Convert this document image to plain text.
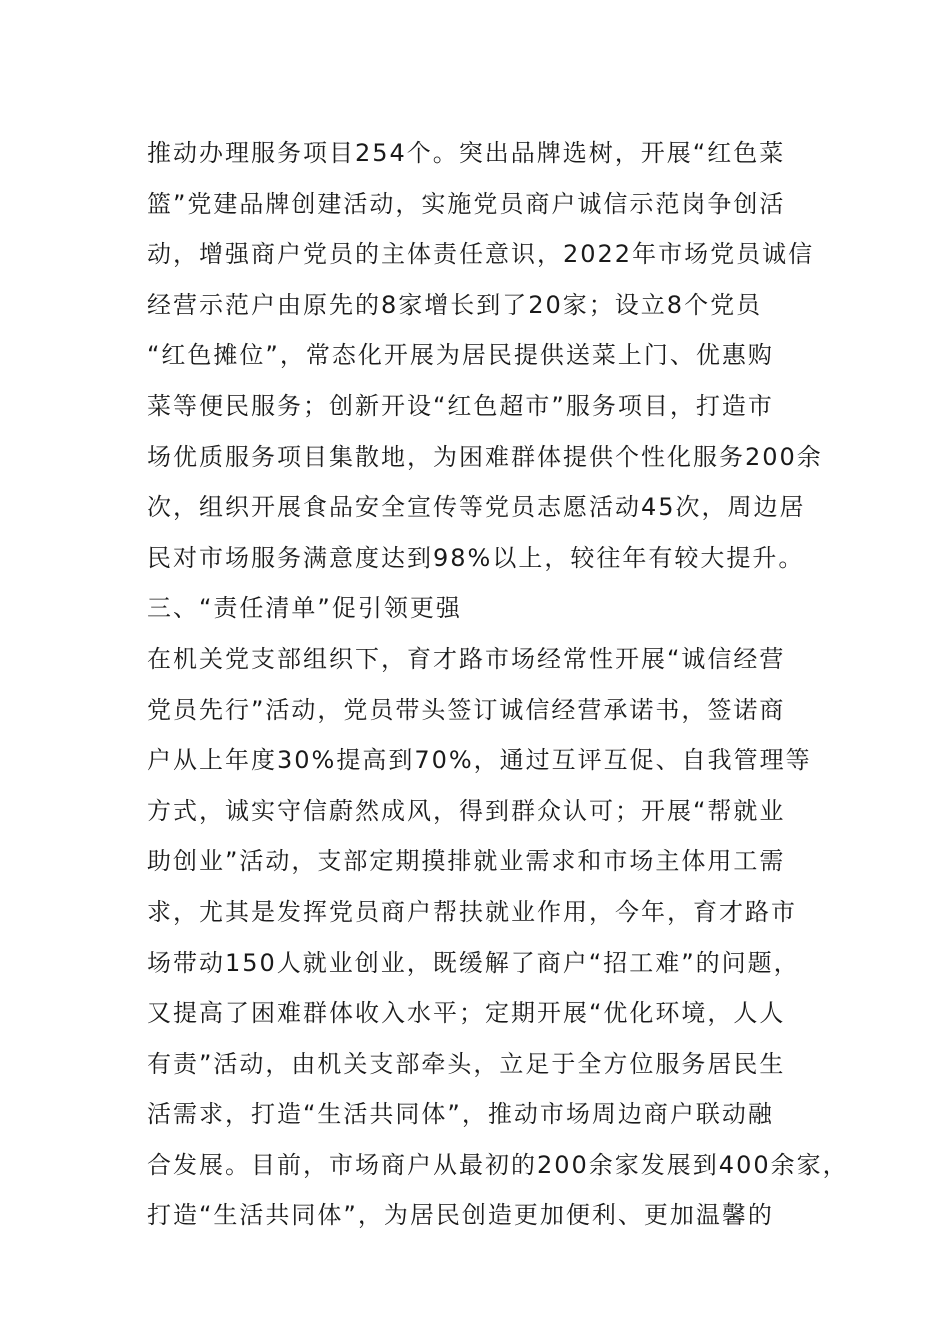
推动办理服务项目254个。突出品牌选树，开展“红色菜
篮”党建品牌创建活动，实施党员商户诚信示范岗争创活
动，增强商户党员的主体责任意识，2022年市场党员诚信
经营示范户由原先的8家增长到了20家；设立8个党员
“红色摊位”，常态化开展为居民提供送菜上门、优惠购
菜等便民服务；创新开设“红色超市”服务项目，打造市
场优质服务项目集散地，为困难群体提供个性化服务200余
次，组织开展食品安全宣传等党员志愿活动45次，周边居
民对市场服务满意度达到98%以上，较往年有较大提升。
三、“责任清单”促引领更强
在机关党支部组织下，育才路市场经常性开展“诚信经营
党员先行”活动，党员带头签订诚信经营承诺书，签诺商
户从上年度30%提高到70%，通过互评互促、自我管理等
方式，诚实守信蔚然成风，得到群众认可；开展“帮就业
助创业”活动，支部定期摸排就业需求和市场主体用工需
求，尤其是发挥党员商户帮扶就业作用，今年，育才路市
场带动150人就业创业，既缓解了商户“招工难”的问题，
又提高了困难群体收入水平；定期开展“优化环境，人人
有责”活动，由机关支部牵头，立足于全方位服务居民生
活需求，打造“生活共同体”，推动市场周边商户联动融
合发展。目前，市场商户从最初的200余家发展到400余家，
打造“生活共同体”，为居民创造更加便利、更加温馨的
